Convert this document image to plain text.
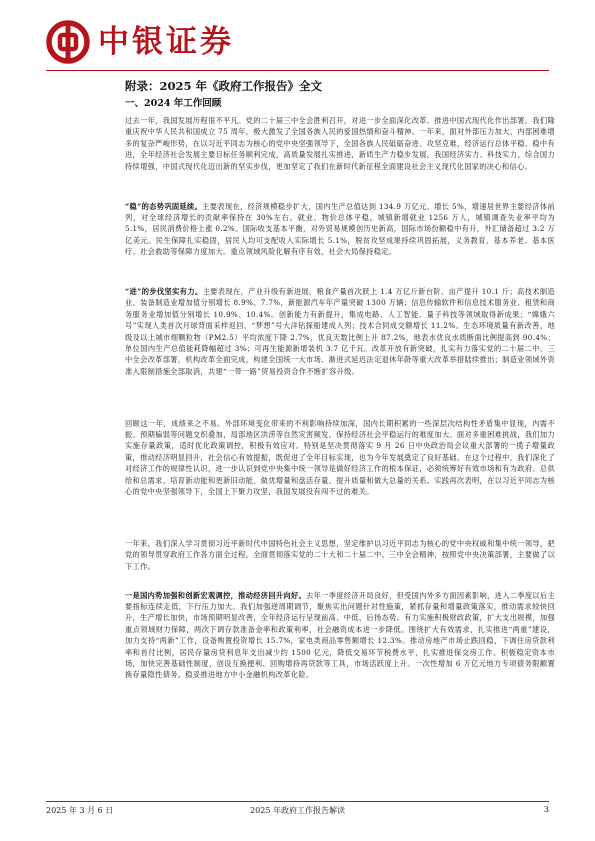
中银证券
附录：2025 年《政府工作报告》全文
一、2024 年工作回顾

过去一年，我国发展历程很不平凡。党的二十届三中全会胜利召开，对进一步全面深化改革、推进中国式现代化作出部署。我们隆重庆祝中华人民共和国成立 75 周年，极大激发了全国各族人民的爱国热情和奋斗精神。一年来，面对外部压力加大、内部困难增多的复杂严峻形势，在以习近平同志为核心的党中央坚强领导下，全国各族人民砥砺奋进、攻坚克难，经济运行总体平稳、稳中有进，全年经济社会发展主要目标任务顺利完成，高质量发展扎实推进，新质生产力稳步发展，我国经济实力、科技实力、综合国力持续增强，中国式现代化迈出新的坚实步伐，更加坚定了我们在新时代新征程全面建设社会主义现代化国家的决心和信心。

“稳”的态势巩固延续。主要表现在，经济规模稳步扩大，国内生产总值达到 134.9 万亿元、增长 5%，增速居世界主要经济体前列，对全球经济增长的贡献率保持在 30%左右。就业、物价总体平稳，城镇新增就业 1256 万人，城镇调查失业率平均为 5.1%，居民消费价格上涨 0.2%。国际收支基本平衡，对外贸易规模创历史新高，国际市场份额稳中有升，外汇储备超过 3.2 万亿美元。民生保障扎实稳固，居民人均可支配收入实际增长 5.1%，脱贫攻坚成果持续巩固拓展，义务教育、基本养老、基本医疗、社会救助等保障力度加大。重点领域风险化解有序有效，社会大局保持稳定。

“进”的步伐坚实有力。主要表现在，产业升级有新进展，粮食产量首次跃上 1.4 万亿斤新台阶、亩产提升 10.1 斤；高技术制造业、装备制造业增加值分别增长 8.9%、7.7%，新能源汽车年产量突破 1300 万辆；信息传输软件和信息技术服务业、租赁和商务服务业增加值分别增长 10.9%、10.4%。创新能力有新提升，集成电路、人工智能、量子科技等领域取得新成果；“嫦娥六号”实现人类首次月球背面采样返回，“梦想”号大洋钻探船建成入列；技术合同成交额增长 11.2%。生态环境质量有新改善，地级及以上城市细颗粒物（PM2.5）平均浓度下降 2.7%，优良天数比例上升 87.2%，地表水优良水质断面比例提高到 90.4%；单位国内生产总值能耗降幅超过 3%；可再生能源新增装机 3.7 亿千瓦。改革开放有新突破，扎实有力落实党的二十届二中、三中全会改革部署，机构改革全面完成，构建全国统一大市场、渐进式延迟法定退休年龄等重大改革举措陆续推出；制造业领域外资准入限制措施全部取消，共建“一带一路”贸易投资合作不断扩容升级。

回顾这一年，成绩来之不易。外部环境变化带来的不利影响持续加深，国内长期积累的一些深层次结构性矛盾集中显现，内需不振、预期偏弱等问题交织叠加，局部地区洪涝等自然灾害频发，保持经济社会平稳运行的难度加大。面对多重困难挑战，我们加力实施存量政策，适时优化政策调控，积极有效应对。特别是坚决贯彻落实 9 月 26 日中央政治局会议重大部署的一揽子增量政策，推动经济明显回升，社会信心有效提振，既促进了全年目标实现，也为今年发展奠定了良好基础。在这个过程中，我们深化了对经济工作的规律性认识，进一步认识到党中央集中统一领导是做好经济工作的根本保证，必须统筹好有效市场和有为政府、总供给和总需求、培育新动能和更新旧动能、做优增量和盘活存量、提升质量和做大总量的关系。实践再次表明，在以习近平同志为核心的党中央坚强领导下，全国上下聚力攻坚，我国发展没有闯不过的难关。

一年来，我们深入学习贯彻习近平新时代中国特色社会主义思想，坚定维护以习近平同志为核心的党中央权威和集中统一领导，把党的领导贯穿政府工作各方面全过程，全面贯彻落实党的二十大和二十届二中、三中全会精神，按照党中央决策部署，主要做了以下工作。

一是国内势加强和创新宏观调控，推动经济回升向好。去年一季度经济开局良好，但受国内外多方面因素影响，进入二季度以后主要指标连续走低，下行压力加大。我们加强逆周期调节，聚焦实出问题针对性施策，紧抓存量和增量政策落实，推动需求较快回升，生产增长加快，市场预期明显改善，全年经济运行呈现前高、中低、后扬态势。有力实施积极财政政策，扩大支出规模，加强重点领域财力保障，两次下调存款准备金率和政策利率，社会融资成本进一步降低。围绕扩大有效需求，扎实推进“两重”建设，加力支持“两新”工作，设备购置投资增长 15.7%，家电类商品零售额增长 12.3%。推动房地产市场止跌回稳，下调住房贷款利率和首付比例，居民存量房贷利息年支出减少约 1500 亿元，降低交易环节税费水平，扎实推进保交房工作。积极稳定资本市场，加快完善基础性制度，创设互换便利、回购增持再贷款等工具，市场活跃度上升。一次性增加 6 万亿元地方专项债务限额置换存量隐性债务。稳妥推进地方中小金融机构改革化险。

2025 年 3 月 6 日	2025 年政府工作报告解读	3
